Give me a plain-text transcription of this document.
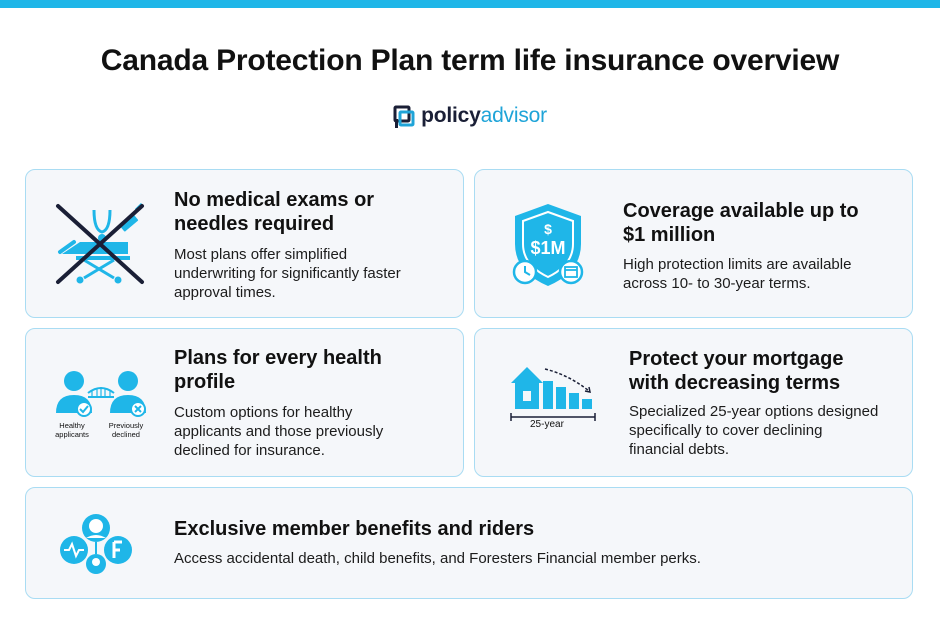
Canada Protection Plan term life insurance overview
policyadvisor
No medical exams or
needles required
Most plans offer simplified
underwriting for significantly faster
approval times.
$
$1M
Coverage available up to
$1 million
High protection limits are available
across 10- to 30-year terms.
Healthy
applicants
Previously
declined
Plans for every health
profile
Custom options for healthy
applicants and those previously
declined for insurance.
25-year
Protect your mortgage
with decreasing terms
Specialized 25-year options designed
specifically to cover declining
financial debts.
Exclusive member benefits and riders
Access accidental death, child benefits, and Foresters Financial member perks.
